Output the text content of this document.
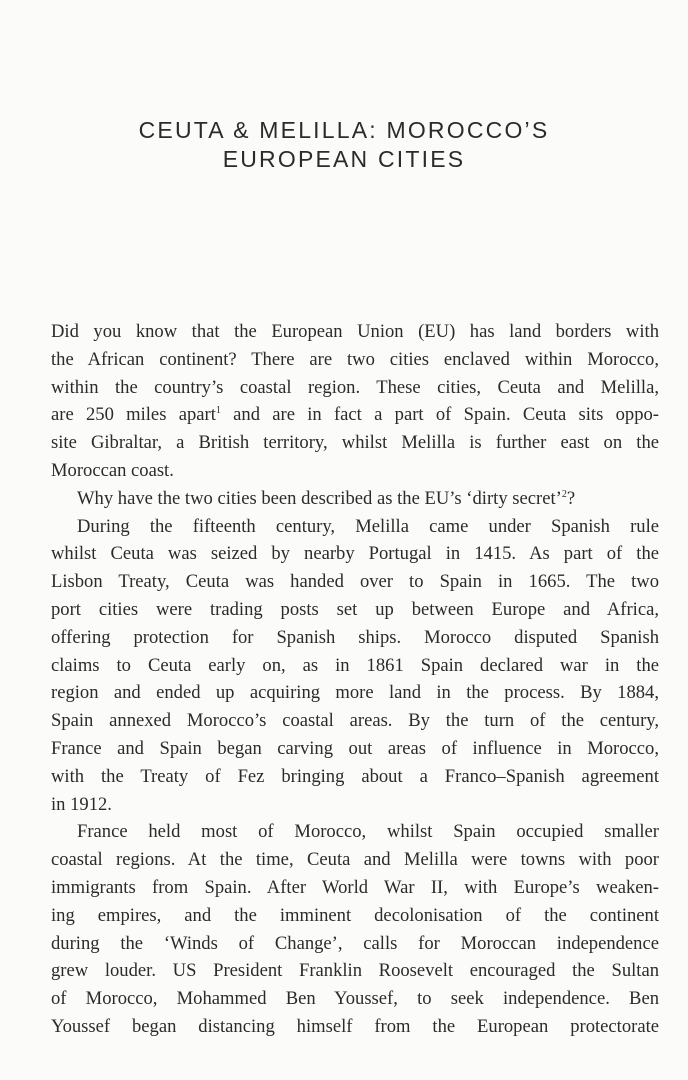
CEUTA & MELILLA: MOROCCO’S
EUROPEAN CITIES

Did you know that the European Union (EU) has land borders with

the African continent? There are two cities enclaved within Morocco,

within the country’s coastal region. These cities, Ceuta and Melilla,

are 250 miles apart$^1$ and are in fact a part of Spain. Ceuta sits oppo-

site Gibraltar, a British territory, whilst Melilla is further east on the

Moroccan coast.

Why have the two cities been described as the EU’s ‘dirty secret’$^2$?

During the fifteenth century, Melilla came under Spanish rule

whilst Ceuta was seized by nearby Portugal in 1415. As part of the

Lisbon Treaty, Ceuta was handed over to Spain in 1665. The two

port cities were trading posts set up between Europe and Africa,

offering protection for Spanish ships. Morocco disputed Spanish

claims to Ceuta early on, as in 1861 Spain declared war in the

region and ended up acquiring more land in the process. By 1884,

Spain annexed Morocco’s coastal areas. By the turn of the century,

France and Spain began carving out areas of influence in Morocco,

with the Treaty of Fez bringing about a Franco–Spanish agreement

in 1912.

France held most of Morocco, whilst Spain occupied smaller

coastal regions. At the time, Ceuta and Melilla were towns with poor

immigrants from Spain. After World War II, with Europe’s weaken-

ing empires, and the imminent decolonisation of the continent

during the ‘Winds of Change’, calls for Moroccan independence

grew louder. US President Franklin Roosevelt encouraged the Sultan

of Morocco, Mohammed Ben Youssef, to seek independence. Ben

Youssef began distancing himself from the European protectorate
